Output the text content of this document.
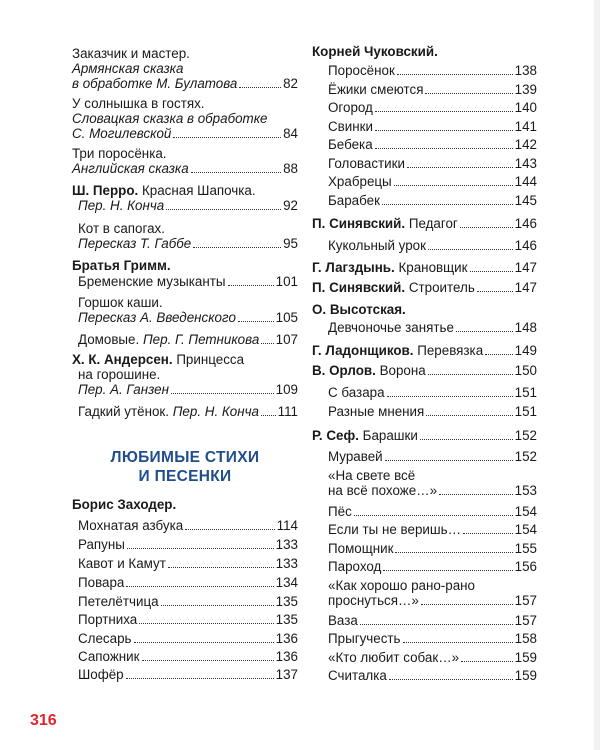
Заказчик и мастер.
Армянская сказка
в обработке М. Булатова	82
У солнышка в гостях.
Словацкая сказка в обработке
С. Могилевской	84
Три поросёнка.
Английская сказка	88
Ш. Перро. Красная Шапочка.
Пер. Н. Конча	92
Кот в сапогах.
Пересказ Т. Габбе	95
Братья Гримм.
Бременские музыканты	101
Горшок каши.
Пересказ А. Введенского	105
Домовые. Пер. Г. Петникова 107
Х. К. Андерсен. Принцесса
на горошине.
Пер. А. Ганзен	109
Гадкий утёнок. Пер. Н. Конча 111
Борис Заходер.
Мохнатая азбука	114
Рапуны	133
Кавот и Камут	133
Повара	134
Петелётчица	135
Портниха	135
Слесарь	136
Сапожник	136
Шофёр	137
ЛЮБИМЫЕ СТИХИ
И ПЕСЕНКИ
Корней Чуковский.
Поросёнок	138
Ёжики смеются	139
Огород	140
Свинки	141
Бебека	142
Головастики	143
Храбрецы	144
Барабек	145
П. Синявский. Педагог	146
Кукольный урок	146
Г. Лагздынь. Крановщик	147
П. Синявский. Строитель	147
О. Высотская.
Девчоночье занятье	148
Г. Ладонщиков. Перевязка 149
В. Орлов. Ворона	150
С базара	151
Разные мнения	151
Р. Сеф. Барашки	152
Муравей	152
«На свете всё
на всё похоже…»	153
Пёс	154
Если ты не веришь…	154
Помощник	155
Пароход	156
«Как хорошо рано-рано
проснуться…»	157
Ваза	157
Прыгучесть	158
«Кто любит собак…»	159
Считалка	159
316
